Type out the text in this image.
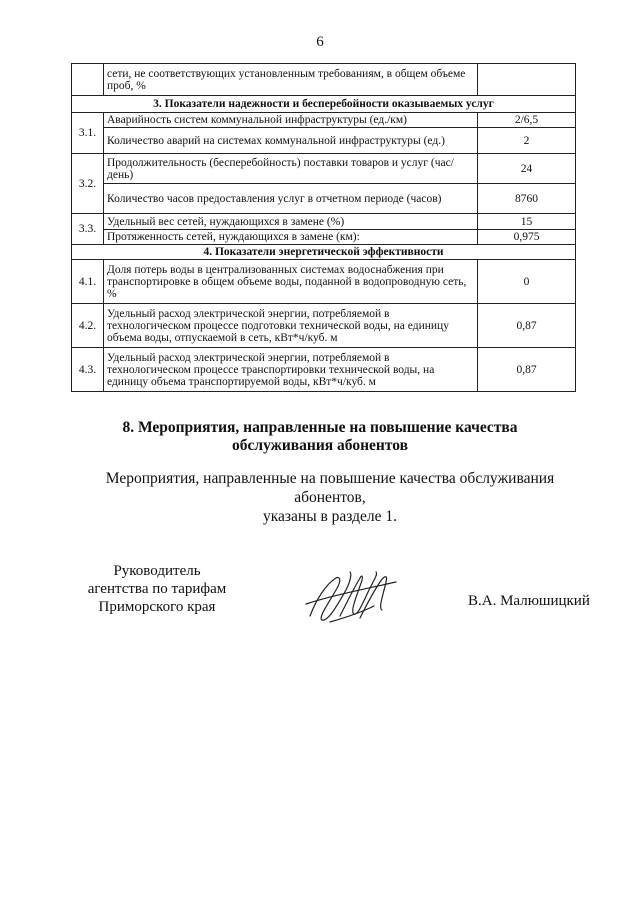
6
	сети, не соответствующих установленным требованиям, в общем объеме проб, %	
3. Показатели надежности и бесперебойности оказываемых услуг		
3.1.	Аварийность систем коммунальной инфраструктуры (ед./км)	2/6,5
	Количество аварий на системах коммунальной инфраструктуры (ед.)	2
3.2.	Продолжительность (бесперебойность) поставки товаров и услуг (час/день)	24
	Количество часов предоставления услуг в отчетном периоде (часов)	8760
3.3.	Удельный вес сетей, нуждающихся в замене (%)	15
	Протяженность сетей, нуждающихся в замене (км):	0,975
4. Показатели энергетической эффективности		
4.1.	Доля потерь воды в централизованных системах водоснабжения при транспортировке в общем объеме воды, поданной в водопроводную сеть, %	0
4.2.	Удельный расход электрической энергии, потребляемой в технологическом процессе подготовки технической воды, на единицу объема воды, отпускаемой в сеть, кВт*ч/куб. м	0,87
4.3.	Удельный расход электрической энергии, потребляемой в технологическом процессе транспортировки технической воды, на единицу объема транспортируемой воды, кВт*ч/куб. м	0,87
8. Мероприятия, направленные на повышение качества
обслуживания абонентов
Мероприятия, направленные на повышение качества обслуживания абонентов,
указаны в разделе 1.
Руководитель
агентства по тарифам
Приморского края	В.А. Малюшицкий
